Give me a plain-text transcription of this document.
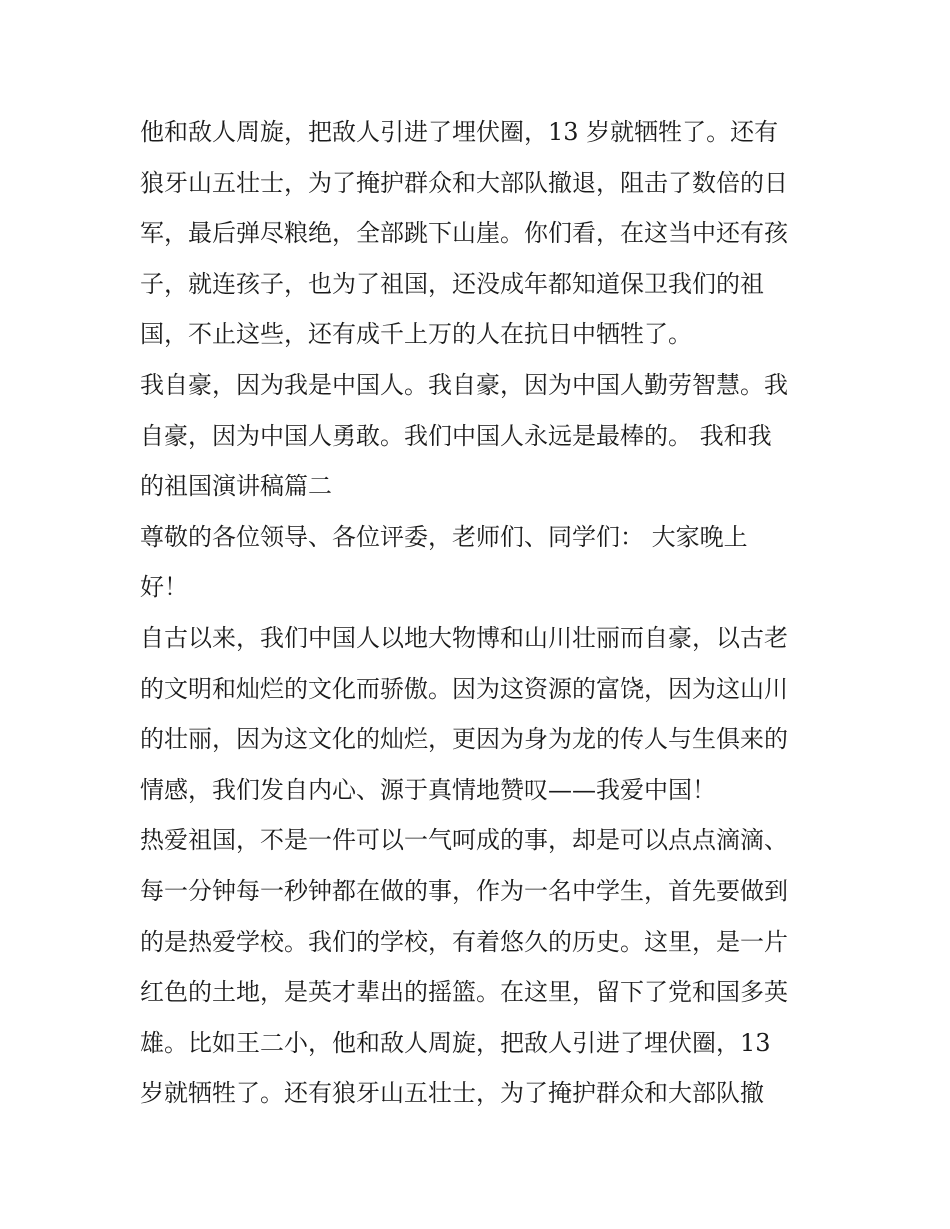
他和敌人周旋，把敌人引进了埋伏圈，13 岁就牺牲了。还有
狼牙山五壮士，为了掩护群众和大部队撤退，阻击了数倍的日
军，最后弹尽粮绝，全部跳下山崖。你们看，在这当中还有孩
子，就连孩子，也为了祖国，还没成年都知道保卫我们的祖
国，不止这些，还有成千上万的人在抗日中牺牲了。
我自豪，因为我是中国人。我自豪，因为中国人勤劳智慧。我
自豪，因为中国人勇敢。我们中国人永远是最棒的。 我和我
的祖国演讲稿篇二
尊敬的各位领导、各位评委，老师们、同学们： 大家晚上
好！
自古以来，我们中国人以地大物博和山川壮丽而自豪，以古老
的文明和灿烂的文化而骄傲。因为这资源的富饶，因为这山川
的壮丽，因为这文化的灿烂，更因为身为龙的传人与生俱来的
情感，我们发自内心、源于真情地赞叹——我爱中国！
热爱祖国，不是一件可以一气呵成的事，却是可以点点滴滴、
每一分钟每一秒钟都在做的事，作为一名中学生，首先要做到
的是热爱学校。我们的学校，有着悠久的历史。这里，是一片
红色的土地，是英才辈出的摇篮。在这里，留下了党和国多英
雄。比如王二小，他和敌人周旋，把敌人引进了埋伏圈，13
岁就牺牲了。还有狼牙山五壮士，为了掩护群众和大部队撤
